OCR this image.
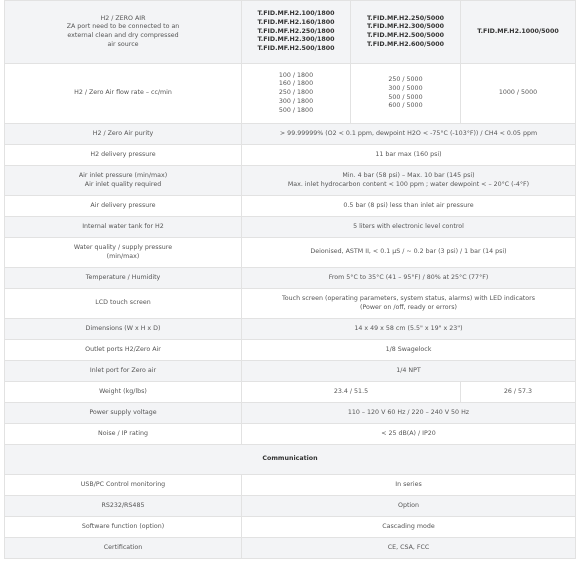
H2 / ZERO AIR
ZA port need to be connected to an
external clean and dry compressed
air source	T.FID.MF.H2.100/1800
T.FID.MF.H2.160/1800
T.FID.MF.H2.250/1800
T.FID.MF.H2.300/1800
T.FID.MF.H2.500/1800	T.FID.MF.H2.250/5000
T.FID.MF.H2.300/5000
T.FID.MF.H2.500/5000
T.FID.MF.H2.600/5000	T.FID.MF.H2.1000/5000

H2 / Zero Air flow rate – cc/min	100 / 1800
160 / 1800
250 / 1800
300 / 1800
500 / 1800	250 / 5000
300 / 5000
500 / 5000
600 / 5000	1000 / 5000
H2 / Zero Air purity	> 99.99999% (O2 < 0.1 ppm, dewpoint H2O < -75°C (-103°F)) / CH4 < 0.05 ppm		
H2 delivery pressure	11 bar max (160 psi)		

Air inlet pressure (min/max)
Air inlet quality required	Min. 4 bar (58 psi) – Max. 10 bar (145 psi)
Max. inlet hydrocarbon content < 100 ppm ; water dewpoint < – 20°C (-4°F)		

Air delivery pressure	0.5 bar (8 psi) less than inlet air pressure		
Internal water tank for H2	5 liters with electronic level control		

Water quality / supply pressure
(min/max)	Deionised, ASTM II, < 0.1 µS / ~ 0.2 bar (3 psi) / 1 bar (14 psi)		
Temperature / Humidity	From 5°C to 35°C (41 – 95°F) / 80% at 25°C (77°F)		
LCD touch screen	Touch screen (operating parameters, system status, alarms) with LED indicators
(Power on /off, ready or errors)		

Dimensions (W x H x D)	14 x 49 x 58 cm (5.5" x 19" x 23")		
Outlet ports H2/Zero Air	1/8 Swagelock		
Inlet port for Zero air	1/4 NPT		
Weight (kg/lbs)	23.4 / 51.5		26 / 57.3
Power supply voltage	110 – 120 V 60 Hz / 220 – 240 V 50 Hz		
Noise / IP rating	< 25 dB(A) / IP20		
Communication			
USB/PC Control monitoring	In series		
RS232/RS485	Option		
Software function (option)	Cascading mode		
Certification	CE, CSA, FCC		
